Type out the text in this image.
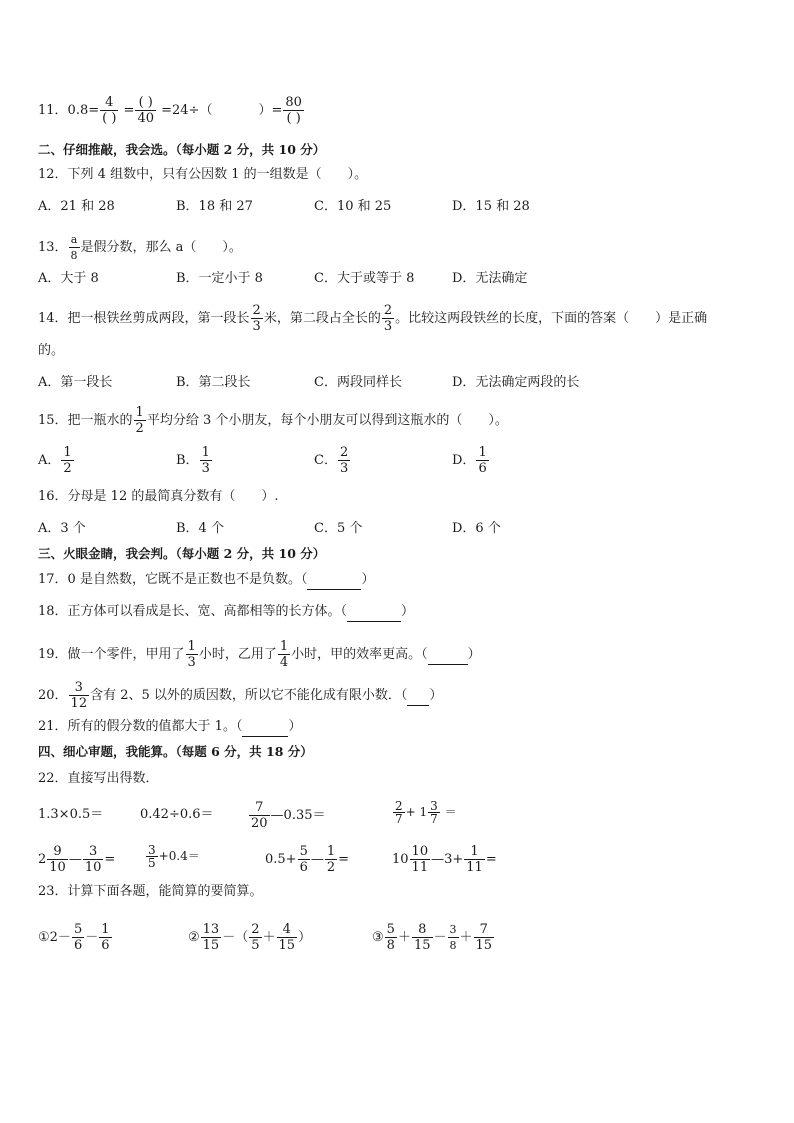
11．$0.8= \frac{4}{( )} = \frac{( )}{40} =24\div$（	）= $\frac{80}{( )}$
二、仔细推敲，我会选。（每小题 2 分，共 10 分）
12．下列 4 组数中，只有公因数 1 的一组数是（　　）。
A．21 和 28	B．18 和 27	C．10 和 25	D．15 和 28
13． $\frac{a}{8}$ 是假分数，那么 a（　　）。
A．大于 8	B．一定小于 8	C．大于或等于 8	D．无法确定
14．把一根铁丝剪成两段，第一段长 $\frac{2}{3}$ 米，第二段占全长的 $\frac{2}{3}$ 。比较这两段铁丝的长度，下面的答案（　　）是正确
的。
A．第一段长	B．第二段长	C．两段同样长	D．无法确定两段的长
15．把一瓶水的 $\frac{1}{2}$ 平均分给 3 个小朋友，每个小朋友可以得到这瓶水的（　　）。
A． $\frac{1}{2}$	B． $\frac{1}{3}$	C． $\frac{2}{3}$	D． $\frac{1}{6}$
16．分母是 12 的最简真分数有（　　）.
A．3 个	B．4 个	C．5 个	D．6 个
三、火眼金睛，我会判。（每小题 2 分，共 10 分）
17．0 是自然数，它既不是正数也不是负数。（	）
18．正方体可以看成是长、宽、高都相等的长方体。（	）
19．做一个零件，甲用了 $\frac{1}{3}$ 小时，乙用了 $\frac{1}{4}$ 小时，甲的效率更高。（	）
20． $\frac{3}{12}$ 含有 2、5 以外的质因数，所以它不能化成有限小数．（ ）
21．所有的假分数的值都大于 1。（	）
四、细心审题，我能算。（每题 6 分，共 18 分）
22．直接写出得数．
1.3×0.5＝	0.42÷0.6＝	$\frac{7}{20}$ —0.35＝	$\frac{2}{7} + 1 \frac{3}{7}$ ＝
$2 \frac{9}{10}$ — $\frac{3}{10}$ =	$\frac{3}{5} +0.4=$	$0.5+ \frac{5}{6}$ — $\frac{1}{2}$ =	$10 \frac{10}{11}$ —3+ $\frac{1}{11}$ =
23．计算下面各题，能简算的要简算。
①2－ $\frac{5}{6} - \frac{1}{6}$	② $\frac{13}{15}$ －（ $\frac{2}{5} + \frac{4}{15}$ ）	③ $\frac{5}{8} + \frac{8}{15} - \frac{3}{8} + \frac{7}{15}$
